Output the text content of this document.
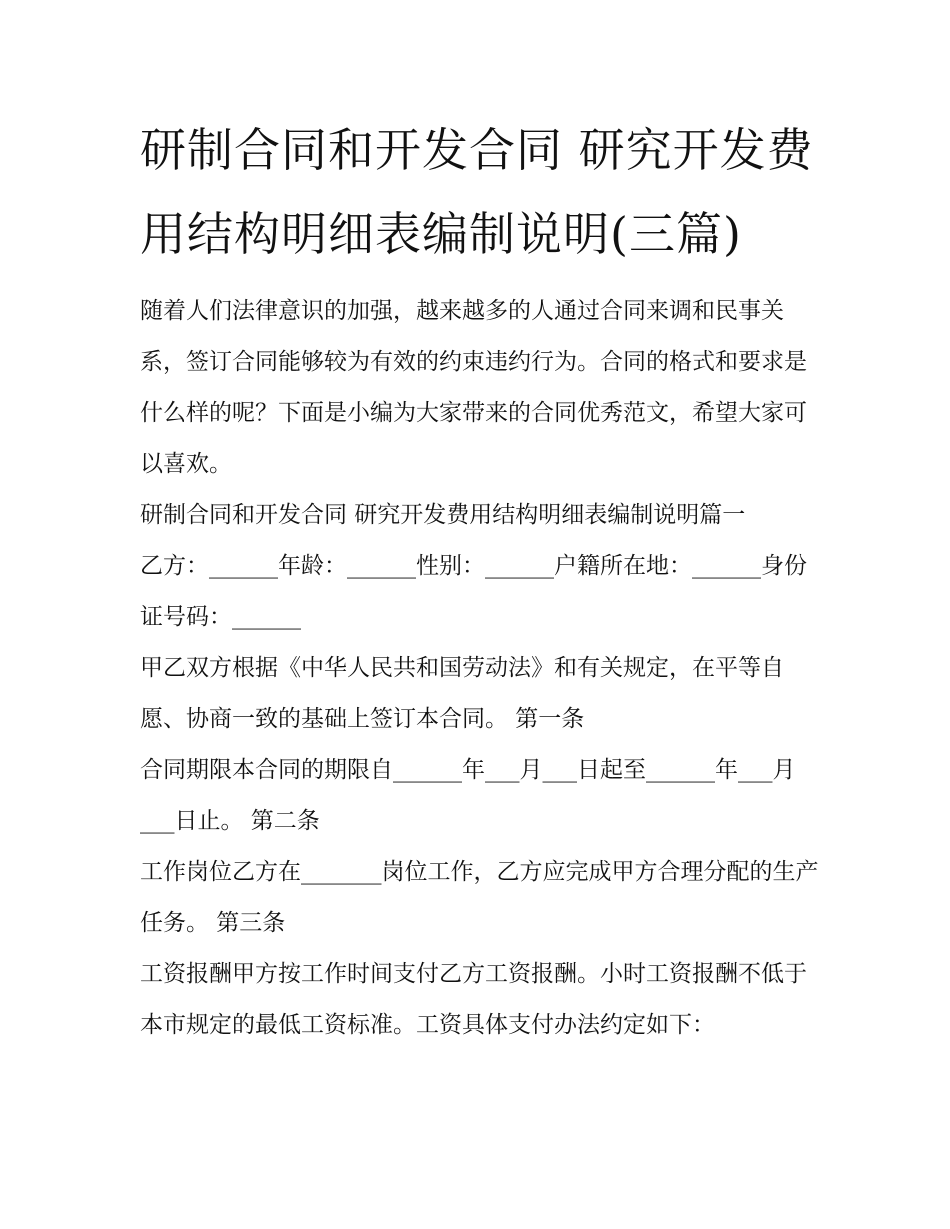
研制合同和开发合同 研究开发费用结构明细表编制说明(三篇)

随着人们法律意识的加强，越来越多的人通过合同来调和民事关系，签订合同能够较为有效的约束违约行为。合同的格式和要求是什么样的呢？下面是小编为大家带来的合同优秀范文，希望大家可以喜欢。

研制合同和开发合同 研究开发费用结构明细表编制说明篇一

乙方：______年龄：______性别：______户籍所在地：______身份证号码：______

甲乙双方根据《中华人民共和国劳动法》和有关规定，在平等自愿、协商一致的基础上签订本合同。 第一条

合同期限本合同的期限自______年___月___日起至______年___月___日止。 第二条

工作岗位乙方在_______岗位工作，乙方应完成甲方合理分配的生产任务。 第三条

工资报酬甲方按工作时间支付乙方工资报酬。小时工资报酬不低于本市规定的最低工资标准。工资具体支付办法约定如下：
